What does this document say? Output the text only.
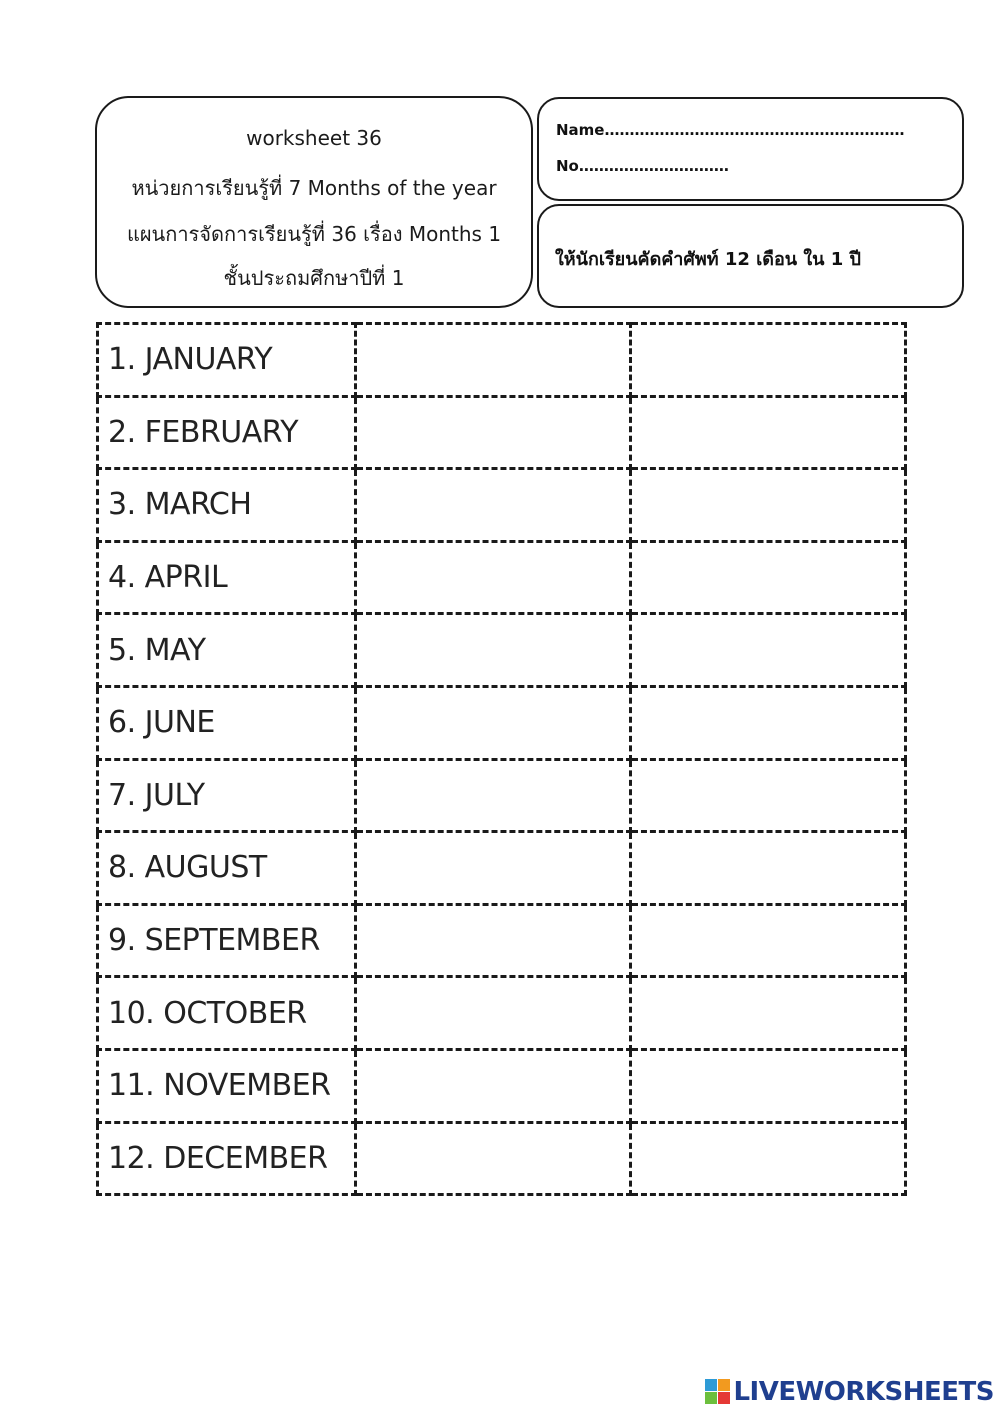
worksheet 36
หน่วยการเรียนรู้ที่ 7 Months of the year
แผนการจัดการเรียนรู้ที่ 36 เรื่อง Months 1
ชั้นประถมศึกษาปีที่ 1
Name……………………………………………………
No…………………………
ให้นักเรียนคัดคำศัพท์ 12 เดือน ใน 1 ปี
1. JANUARY		
2. FEBRUARY		
3. MARCH		
4. APRIL		
5. MAY		
6. JUNE		
7. JULY		
8. AUGUST		
9. SEPTEMBER		
10. OCTOBER		
11. NOVEMBER		
12. DECEMBER		
LIVEWORKSHEETS
